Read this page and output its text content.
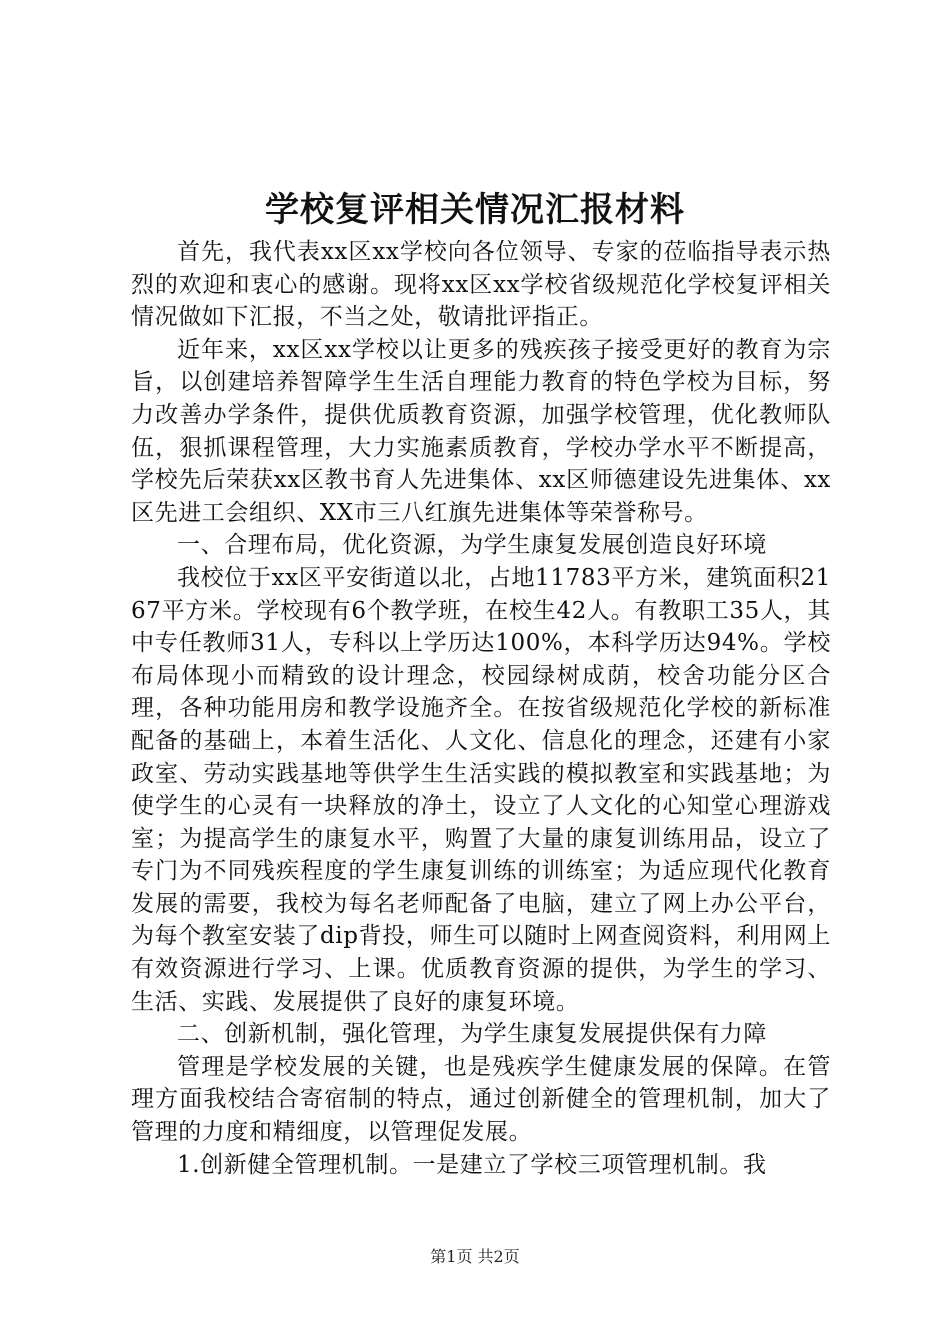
学校复评相关情况汇报材料

首先，我代表xx区xx学校向各位领导、专家的莅临指导表示热烈的欢迎和衷心的感谢。现将xx区xx学校省级规范化学校复评相关情况做如下汇报，不当之处，敬请批评指正。

近年来，xx区xx学校以让更多的残疾孩子接受更好的教育为宗旨，以创建培养智障学生生活自理能力教育的特色学校为目标，努力改善办学条件，提供优质教育资源，加强学校管理，优化教师队伍，狠抓课程管理，大力实施素质教育，学校办学水平不断提高，学校先后荣获xx区教书育人先进集体、xx区师德建设先进集体、xx区先进工会组织、XX市三八红旗先进集体等荣誉称号。

一、合理布局，优化资源，为学生康复发展创造良好环境

我校位于xx区平安街道以北，占地11783平方米，建筑面积2167平方米。学校现有6个教学班，在校生42人。有教职工35人，其中专任教师31人，专科以上学历达100%，本科学历达94%。学校布局体现小而精致的设计理念，校园绿树成荫，校舍功能分区合理，各种功能用房和教学设施齐全。在按省级规范化学校的新标准配备的基础上，本着生活化、人文化、信息化的理念，还建有小家政室、劳动实践基地等供学生生活实践的模拟教室和实践基地；为使学生的心灵有一块释放的净土，设立了人文化的心知堂心理游戏室；为提高学生的康复水平，购置了大量的康复训练用品，设立了专门为不同残疾程度的学生康复训练的训练室；为适应现代化教育发展的需要，我校为每名老师配备了电脑，建立了网上办公平台，为每个教室安装了dip背投，师生可以随时上网查阅资料，利用网上有效资源进行学习、上课。优质教育资源的提供，为学生的学习、生活、实践、发展提供了良好的康复环境。

二、创新机制，强化管理，为学生康复发展提供保有力障

管理是学校发展的关键，也是残疾学生健康发展的保障。在管理方面我校结合寄宿制的特点，通过创新健全的管理机制，加大了管理的力度和精细度，以管理促发展。

1.创新健全管理机制。一是建立了学校三项管理机制。我

第1页 共2页
